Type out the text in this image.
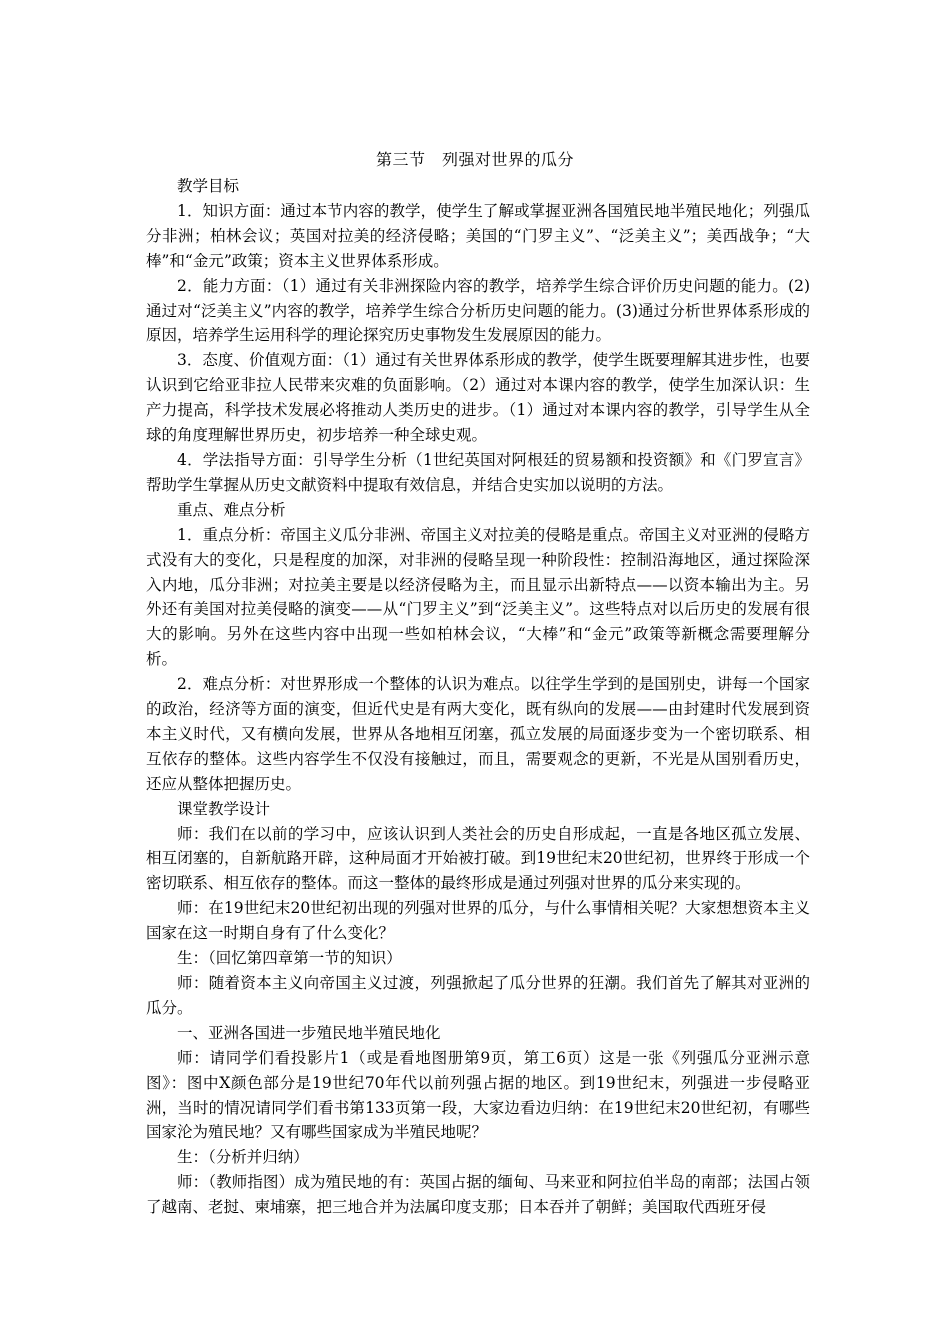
第三节　列强对世界的瓜分

教学目标

1．知识方面：通过本节内容的教学，使学生了解或掌握亚洲各国殖民地半殖民地化；列强瓜分非洲；柏林会议；英国对拉美的经济侵略；美国的“门罗主义”、“泛美主义”；美西战争；“大棒”和“金元”政策；资本主义世界体系形成。

2．能力方面：（1）通过有关非洲探险内容的教学，培养学生综合评价历史问题的能力。(2)通过对“泛美主义”内容的教学，培养学生综合分析历史问题的能力。(3)通过分析世界体系形成的原因，培养学生运用科学的理论探究历史事物发生发展原因的能力。

3．态度、价值观方面：（1）通过有关世界体系形成的教学，使学生既要理解其进步性，也要认识到它给亚非拉人民带来灾难的负面影响。（2）通过对本课内容的教学，使学生加深认识：生产力提高，科学技术发展必将推动人类历史的进步。（1）通过对本课内容的教学，引导学生从全球的角度理解世界历史，初步培养一种全球史观。

4．学法指导方面：引导学生分析（1世纪英国对阿根廷的贸易额和投资额》和《门罗宣言》帮助学生掌握从历史文献资料中提取有效信息，并结合史实加以说明的方法。

重点、难点分析

1．重点分析：帝国主义瓜分非洲、帝国主义对拉美的侵略是重点。帝国主义对亚洲的侵略方式没有大的变化，只是程度的加深，对非洲的侵略呈现一种阶段性：控制沿海地区，通过探险深入内地，瓜分非洲；对拉美主要是以经济侵略为主，而且显示出新特点——以资本输出为主。另外还有美国对拉美侵略的演变——从“门罗主义”到“泛美主义”。这些特点对以后历史的发展有很大的影响。另外在这些内容中出现一些如柏林会议，“大棒”和“金元”政策等新概念需要理解分析。

2．难点分析：对世界形成一个整体的认识为难点。以往学生学到的是国别史，讲每一个国家的政治，经济等方面的演变，但近代史是有两大变化，既有纵向的发展——由封建时代发展到资本主义时代，又有横向发展，世界从各地相互闭塞，孤立发展的局面逐步变为一个密切联系、相互依存的整体。这些内容学生不仅没有接触过，而且，需要观念的更新，不光是从国别看历史，还应从整体把握历史。

课堂教学设计

师：我们在以前的学习中，应该认识到人类社会的历史自形成起，一直是各地区孤立发展、相互闭塞的，自新航路开辟，这种局面才开始被打破。到19世纪末20世纪初，世界终于形成一个密切联系、相互依存的整体。而这一整体的最终形成是通过列强对世界的瓜分来实现的。

师：在19世纪末20世纪初出现的列强对世界的瓜分，与什么事情相关呢？大家想想资本主义国家在这一时期自身有了什么变化？

生：（回忆第四章第一节的知识）

师：随着资本主义向帝国主义过渡，列强掀起了瓜分世界的狂潮。我们首先了解其对亚洲的瓜分。

一、亚洲各国进一步殖民地半殖民地化

师：请同学们看投影片1（或是看地图册第9页，第工6页）这是一张《列强瓜分亚洲示意图》：图中X颜色部分是19世纪70年代以前列强占据的地区。到19世纪末，列强进一步侵略亚洲，当时的情况请同学们看书第133页第一段，大家边看边归纳：在19世纪末20世纪初，有哪些国家沦为殖民地？又有哪些国家成为半殖民地呢？

生：（分析并归纳）

师：（教师指图）成为殖民地的有：英国占据的缅甸、马来亚和阿拉伯半岛的南部；法国占领了越南、老挝、柬埔寨，把三地合并为法属印度支那；日本吞并了朝鲜；美国取代西班牙侵
